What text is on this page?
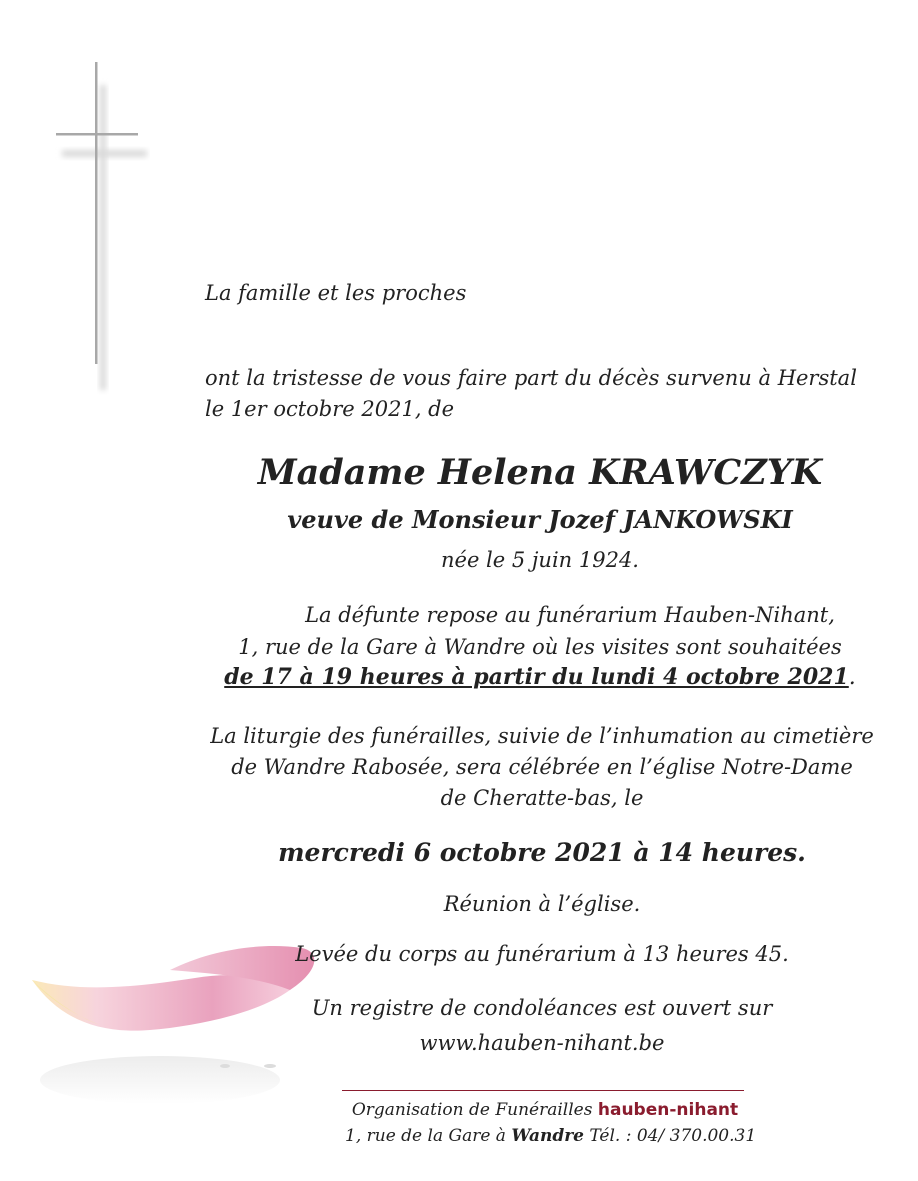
La famille et les proches
ont la tristesse de vous faire part du décès survenu à Herstal
le 1er octobre 2021, de
Madame Helena KRAWCZYK
veuve de Monsieur Jozef JANKOWSKI
née le 5 juin 1924.
La défunte repose au funérarium Hauben-Nihant,
1, rue de la Gare à Wandre où les visites sont souhaitées
de 17 à 19 heures à partir du lundi 4 octobre 2021.
La liturgie des funérailles, suivie de l’inhumation au cimetière
de Wandre Rabosée, sera célébrée en l’église Notre-Dame
de Cheratte-bas, le
mercredi 6 octobre 2021 à 14 heures.
Réunion à l’église.
Levée du corps au funérarium à 13 heures 45.
Un registre de condoléances est ouvert sur
www.hauben-nihant.be
Organisation de Funérailles hauben-nihant
1, rue de la Gare à Wandre Tél. : 04/ 370.00.31
